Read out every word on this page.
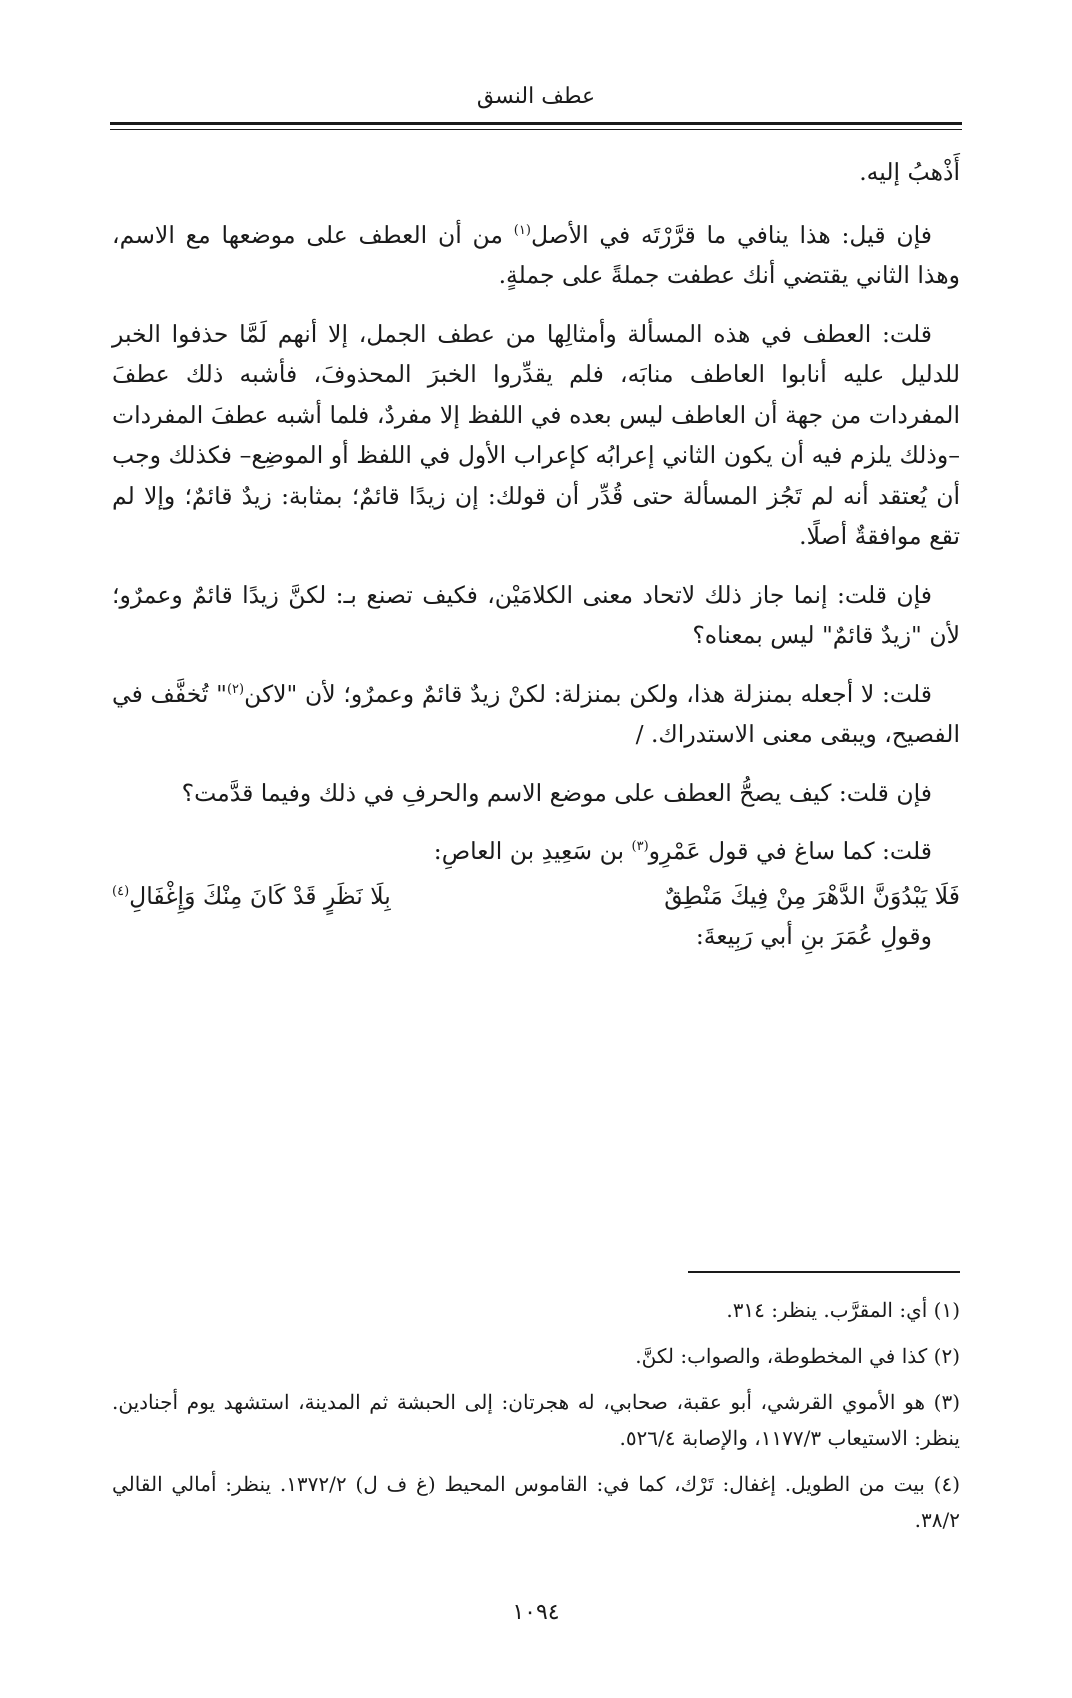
عطف النسق

أَذْهبُ إليه.

فإن قيل: هذا ينافي ما قرَّرْتَه في الأصل$^{(١)}$ من أن العطف على موضعها مع الاسم، وهذا الثاني يقتضي أنك عطفت جملةً على جملةٍ.

قلت: العطف في هذه المسألة وأمثالِها من عطف الجمل، إلا أنهم لَمَّا حذفوا الخبر للدليل عليه أنابوا العاطف منابَه، فلم يقدِّروا الخبرَ المحذوفَ، فأشبه ذلك عطفَ المفردات من جهة أن العاطف ليس بعده في اللفظ إلا مفردٌ، فلما أشبه عطفَ المفردات –وذلك يلزم فيه أن يكون الثاني إعرابُه كإعراب الأول في اللفظ أو الموضِع– فكذلك وجب أن يُعتقد أنه لم تَجُز المسألة حتى قُدِّر أن قولك: إن زيدًا قائمٌ؛ بمثابة: زيدٌ قائمٌ؛ وإلا لم تقع موافقةٌ أصلًا.

فإن قلت: إنما جاز ذلك لاتحاد معنى الكلامَيْن، فكيف تصنع بـ: لكنَّ زيدًا قائمٌ وعمرٌو؛ لأن "زيدٌ قائمٌ" ليس بمعناه؟

قلت: لا أجعله بمنزلة هذا، ولكن بمنزلة: لكنْ زيدٌ قائمٌ وعمرٌو؛ لأن "لاكن$^{(٢)}$" تُخفَّف في الفصيح، ويبقى معنى الاستدراك. /

فإن قلت: كيف يصحُّ العطف على موضع الاسم والحرفِ في ذلك وفيما قدَّمت؟

قلت: كما ساغ في قول عَمْرِو$^{(٣)}$ بن سَعِيدِ بن العاصِ:

فَلَا يَبْدُوَنَّ الدَّهْرَ مِنْ فِيكَ مَنْطِقٌ
بِلَا نَظَرٍ قَدْ كَانَ مِنْكَ وَإِغْفَالِ$^{(٤)}$

وقولِ عُمَرَ بنِ أبي رَبِيعةَ:

(١) أي: المقرَّب. ينظر: ٣١٤.

(٢) كذا في المخطوطة، والصواب: لكنَّ.

(٣) هو الأموي القرشي، أبو عقبة، صحابي، له هجرتان: إلى الحبشة ثم المدينة، استشهد يوم أجنادين. ينظر: الاستيعاب ١١٧٧/٣، والإصابة ٥٢٦/٤.

(٤) بيت من الطويل. إغفال: تَرْك، كما في: القاموس المحيط (غ ف ل) ١٣٧٢/٢. ينظر: أمالي القالي ٣٨/٢.

١٠٩٤
